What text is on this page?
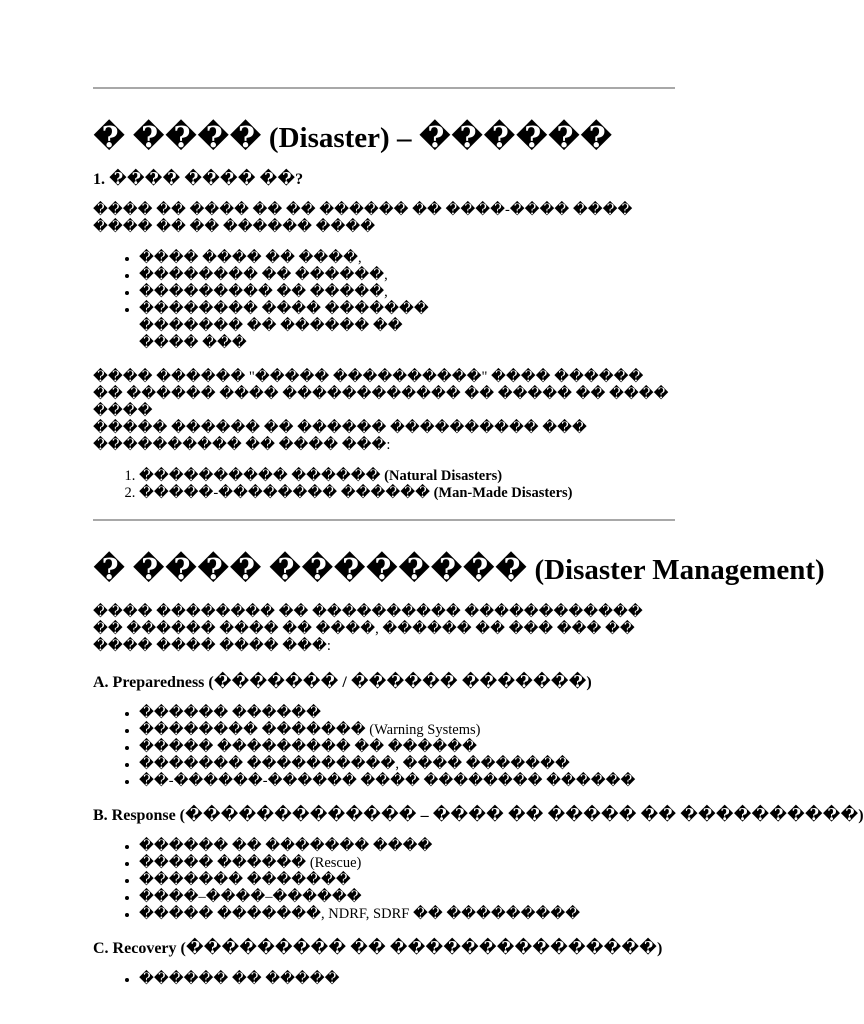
� ���� (Disaster) – ������
1. ���� ���� ��?

���� �� ���� �� �� ������ �� ����-���� ���� ���� �� �� ������ ����

• ���� ���� �� ����,
• �������� �� ������,
• ��������� �� �����,
• �������� ���� ������� ������� �� ������ �� ���� ���

���� ������ "����� ����������" ���� ������ �� ������ ���� ������������ �� ����� �� ���� ����

����� ������ �� ������ ���������� ��� ���������� �� ���� ���:

1. ���������� ������ (Natural Disasters)
2. �����-�������� ������ (Man-Made Disasters)
� ���� �������� (Disaster Management)

���� �������� �� ���������� ������������ �� ������ ���� �� ����, ������ �� ��� ��� �� ���� ���� ���� ���:

A. Preparedness (������� / ������ �������)
• ������ ������
• �������� ������� (Warning Systems)
• ����� ��������� �� ������
• ������� ����������, ���� �������
• ��-������-������ ���� �������� ������
B. Response (������������� – ���� �� ����� �� ����������)
• ������ �� ������� ����
• ����� ������ (Rescue)
• ������� �������
• ����–����–������
• ����� �������, NDRF, SDRF �� ���������
C. Recovery (��������� �� ���������������)
• ������ �� �����
